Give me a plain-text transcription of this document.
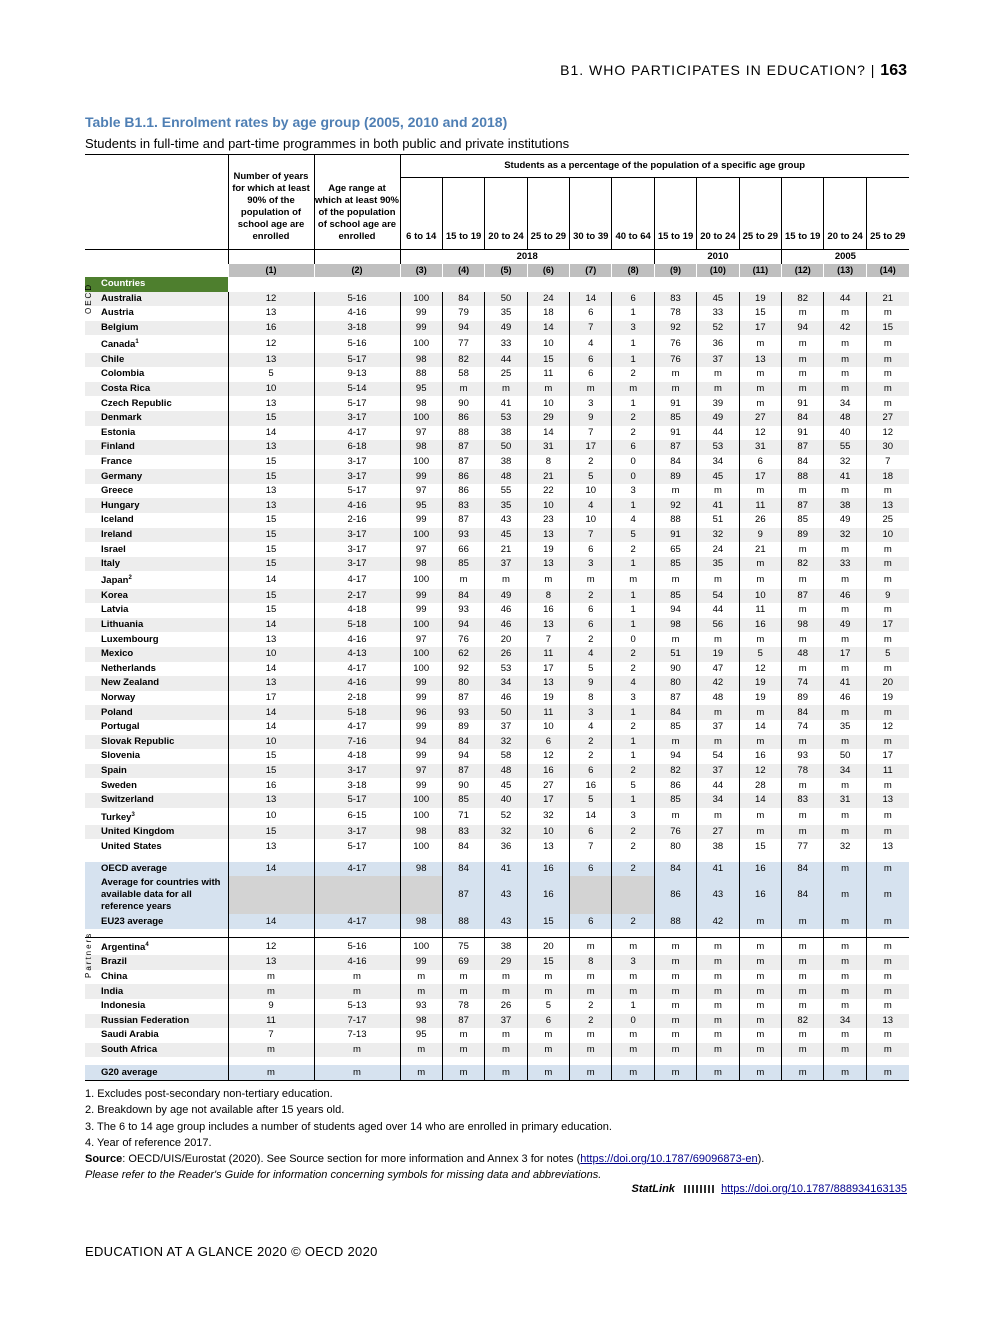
B1. WHO PARTICIPATES IN EDUCATION? | 163
Table B1.1. Enrolment rates by age group (2005, 2010 and 2018)
Students in full-time and part-time programmes in both public and private institutions
	Number of years for which at least 90% of the population of school age are enrolled	Age range at which at least 90% of the population of school age are enrolled	Students as a percentage of the population of a specific age group											
			6 to 14	15 to 19	20 to 24	25 to 29	30 to 39	40 to 64	15 to 19	20 to 24	25 to 29	15 to 19	20 to 24	25 to 29
			2018						2010			2005		
	(1)	(2)	(3)	(4)	(5)	(6)	(7)	(8)	(9)	(10)	(11)	(12)	(13)	(14)
Countries														
Australia	12	5-16	100	84	50	24	14	6	83	45	19	82	44	21
Austria	13	4-16	99	79	35	18	6	1	78	33	15	m	m	m
Belgium	16	3-18	99	94	49	14	7	3	92	52	17	94	42	15
Canada$^1$	12	5-16	100	77	33	10	4	1	76	36	m	m	m	m
Chile	13	5-17	98	82	44	15	6	1	76	37	13	m	m	m
Colombia	5	9-13	88	58	25	11	6	2	m	m	m	m	m	m
Costa Rica	10	5-14	95	m	m	m	m	m	m	m	m	m	m	m
Czech Republic	13	5-17	98	90	41	10	3	1	91	39	m	91	34	m
Denmark	15	3-17	100	86	53	29	9	2	85	49	27	84	48	27
Estonia	14	4-17	97	88	38	14	7	2	91	44	12	91	40	12
Finland	13	6-18	98	87	50	31	17	6	87	53	31	87	55	30
France	15	3-17	100	87	38	8	2	0	84	34	6	84	32	7
Germany	15	3-17	99	86	48	21	5	0	89	45	17	88	41	18
Greece	13	5-17	97	86	55	22	10	3	m	m	m	m	m	m
Hungary	13	4-16	95	83	35	10	4	1	92	41	11	87	38	13
Iceland	15	2-16	99	87	43	23	10	4	88	51	26	85	49	25
Ireland	15	3-17	100	93	45	13	7	5	91	32	9	89	32	10
Israel	15	3-17	97	66	21	19	6	2	65	24	21	m	m	m
Italy	15	3-17	98	85	37	13	3	1	85	35	m	82	33	m
Japan$^2$	14	4-17	100	m	m	m	m	m	m	m	m	m	m	m
Korea	15	2-17	99	84	49	8	2	1	85	54	10	87	46	9
Latvia	15	4-18	99	93	46	16	6	1	94	44	11	m	m	m
Lithuania	14	5-18	100	94	46	13	6	1	98	56	16	98	49	17
Luxembourg	13	4-16	97	76	20	7	2	0	m	m	m	m	m	m
Mexico	10	4-13	100	62	26	11	4	2	51	19	5	48	17	5
Netherlands	14	4-17	100	92	53	17	5	2	90	47	12	m	m	m
New Zealand	13	4-16	99	80	34	13	9	4	80	42	19	74	41	20
Norway	17	2-18	99	87	46	19	8	3	87	48	19	89	46	19
Poland	14	5-18	96	93	50	11	3	1	84	m	m	84	m	m
Portugal	14	4-17	99	89	37	10	4	2	85	37	14	74	35	12
Slovak Republic	10	7-16	94	84	32	6	2	1	m	m	m	m	m	m
Slovenia	15	4-18	99	94	58	12	2	1	94	54	16	93	50	17
Spain	15	3-17	97	87	48	16	6	2	82	37	12	78	34	11
Sweden	16	3-18	99	90	45	27	16	5	86	44	28	m	m	m
Switzerland	13	5-17	100	85	40	17	5	1	85	34	14	83	31	13
Turkey$^3$	10	6-15	100	71	52	32	14	3	m	m	m	m	m	m
United Kingdom	15	3-17	98	83	32	10	6	2	76	27	m	m	m	m
United States	13	5-17	100	84	36	13	7	2	80	38	15	77	32	13

OECD average	14	4-17	98	84	41	16	6	2	84	41	16	84	m	m
Average for countries with available data for all reference years				87	43	16			86	43	16	84	m	m
EU23 average	14	4-17	98	88	43	15	6	2	88	42	m	m	m	m

Argentina$^4$	12	5-16	100	75	38	20	m	m	m	m	m	m	m	m
Brazil	13	4-16	99	69	29	15	8	3	m	m	m	m	m	m
China	m	m	m	m	m	m	m	m	m	m	m	m	m	m
India	m	m	m	m	m	m	m	m	m	m	m	m	m	m
Indonesia	9	5-13	93	78	26	5	2	1	m	m	m	m	m	m
Russian Federation	11	7-17	98	87	37	6	2	0	m	m	m	82	34	13
Saudi Arabia	7	7-13	95	m	m	m	m	m	m	m	m	m	m	m
South Africa	m	m	m	m	m	m	m	m	m	m	m	m	m	m

G20 average	m	m	m	m	m	m	m	m	m	m	m	m	m	m
OECD
Partners
1. Excludes post-secondary non-tertiary education.
2. Breakdown by age not available after 15 years old.
3. The 6 to 14 age group includes a number of students aged over 14 who are enrolled in primary education.
4. Year of reference 2017.
Source: OECD/UIS/Eurostat (2020). See Source section for more information and Annex 3 for notes (https://doi.org/10.1787/69096873-en).
Please refer to the Reader's Guide for information concerning symbols for missing data and abbreviations.
StatLink	https://doi.org/10.1787/888934163135
EDUCATION AT A GLANCE 2020 © OECD 2020
